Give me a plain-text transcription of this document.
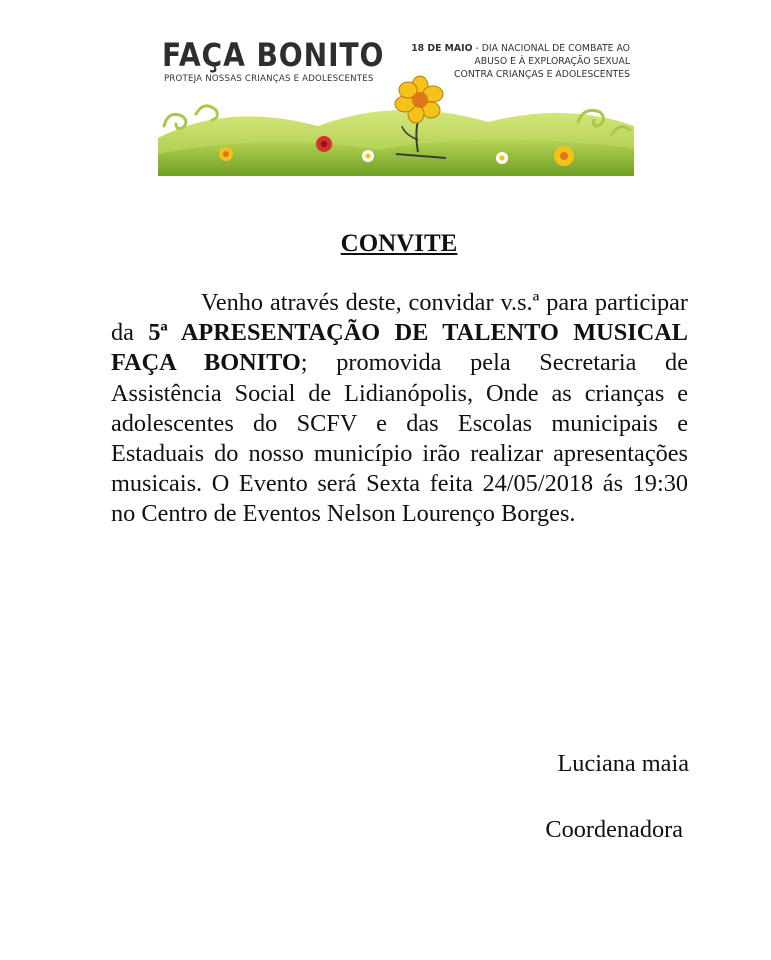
FAÇA BONITO
PROTEJA NOSSAS CRIANÇAS E ADOLESCENTES
18 DE MAIO - DIA NACIONAL DE COMBATE AO
ABUSO E À EXPLORAÇÃO SEXUAL
CONTRA CRIANÇAS E ADOLESCENTES
CONVITE

Venho através deste, convidar v.s.ª para participar da 5ª APRESENTAÇÃO DE TALENTO MUSICAL FAÇA BONITO; promovida pela Secretaria de Assistência Social de Lidianópolis, Onde as crianças e adolescentes do SCFV e das Escolas municipais e Estaduais do nosso município irão realizar apresentações musicais. O Evento será Sexta feita 24/05/2018 ás 19:30 no Centro de Eventos Nelson Lourenço Borges.

Luciana maia
Coordenadora
